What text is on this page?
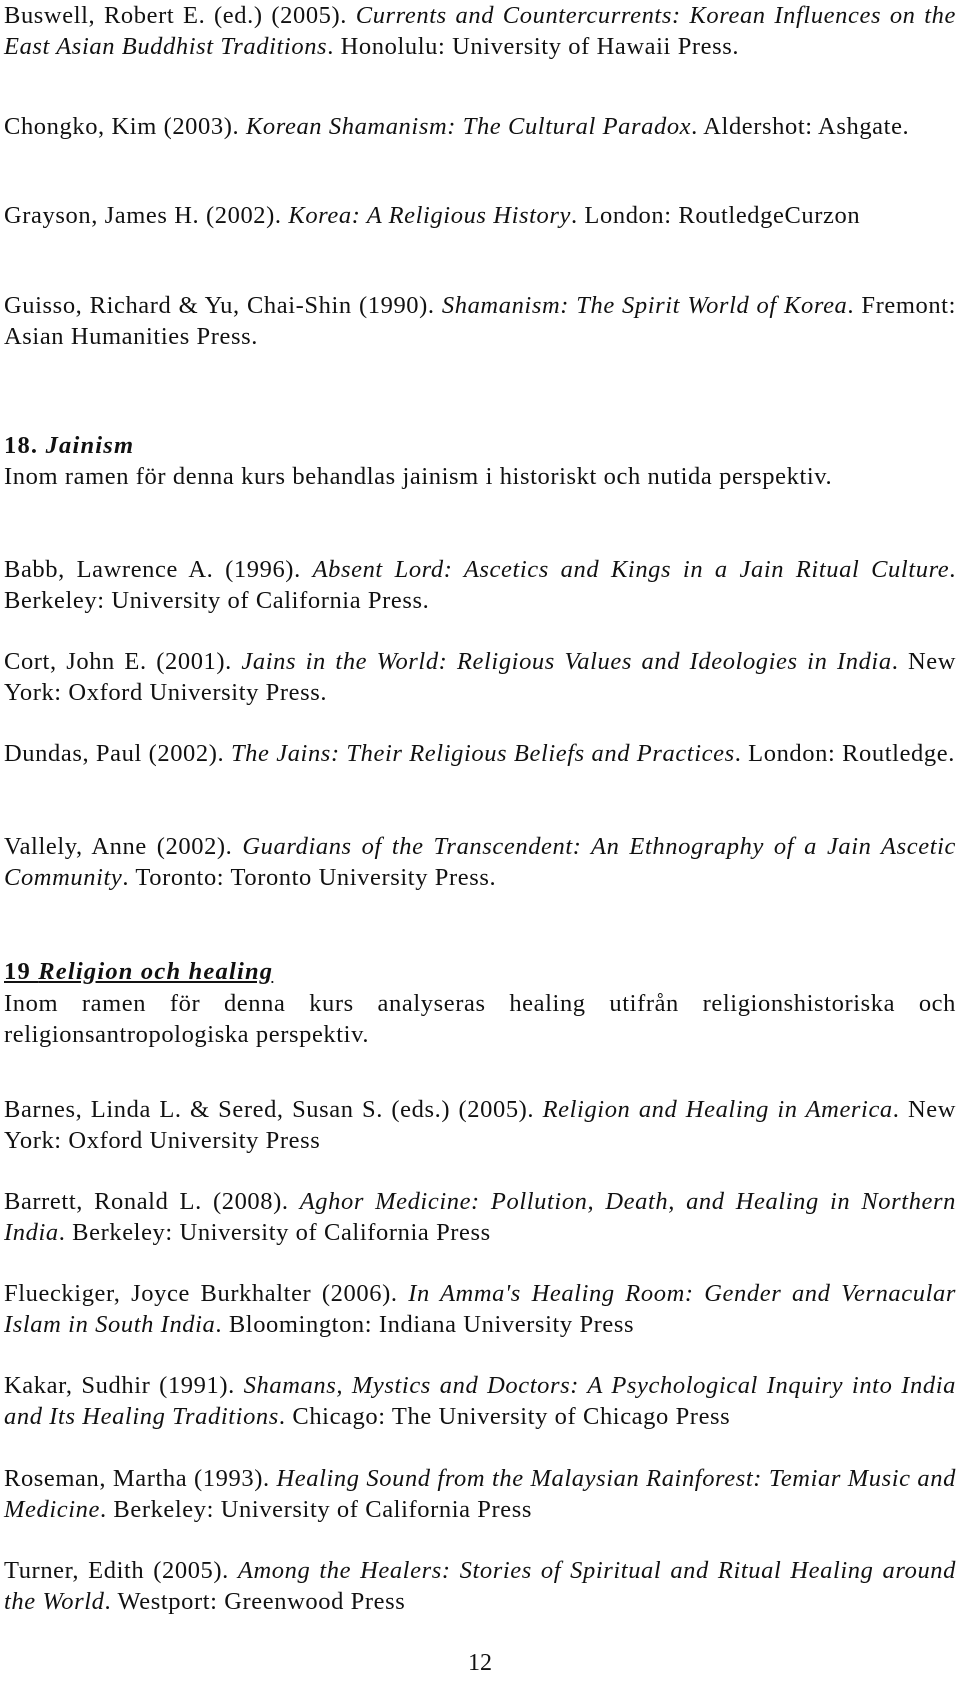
Buswell, Robert E. (ed.) (2005). Currents and Countercurrents: Korean Influences on the East Asian Buddhist Traditions. Honolulu: University of Hawaii Press.

Chongko, Kim (2003). Korean Shamanism: The Cultural Paradox. Aldershot: Ashgate.

Grayson, James H. (2002). Korea: A Religious History. London: RoutledgeCurzon

Guisso, Richard & Yu, Chai-Shin (1990). Shamanism: The Spirit World of Korea. Fremont: Asian Humanities Press.

18. Jainism

Inom ramen för denna kurs behandlas jainism i historiskt och nutida perspektiv.

Babb, Lawrence A. (1996). Absent Lord: Ascetics and Kings in a Jain Ritual Culture. Berkeley: University of California Press.

Cort, John E. (2001). Jains in the World: Religious Values and Ideologies in India. New York: Oxford University Press.

Dundas, Paul (2002). The Jains: Their Religious Beliefs and Practices. London: Routledge.

Vallely, Anne (2002). Guardians of the Transcendent: An Ethnography of a Jain Ascetic Community. Toronto: Toronto University Press.

19 Religion och healing

Inom ramen för denna kurs analyseras healing utifrån religionshistoriska och religionsantropologiska perspektiv.

Barnes, Linda L. & Sered, Susan S. (eds.) (2005). Religion and Healing in America. New York: Oxford University Press

Barrett, Ronald L. (2008). Aghor Medicine: Pollution, Death, and Healing in Northern India. Berkeley: University of California Press

Flueckiger, Joyce Burkhalter (2006). In Amma's Healing Room: Gender and Vernacular Islam in South India. Bloomington: Indiana University Press

Kakar, Sudhir (1991). Shamans, Mystics and Doctors: A Psychological Inquiry into India and Its Healing Traditions. Chicago: The University of Chicago Press

Roseman, Martha (1993). Healing Sound from the Malaysian Rainforest: Temiar Music and Medicine. Berkeley: University of California Press

Turner, Edith (2005). Among the Healers: Stories of Spiritual and Ritual Healing around the World. Westport: Greenwood Press

12
